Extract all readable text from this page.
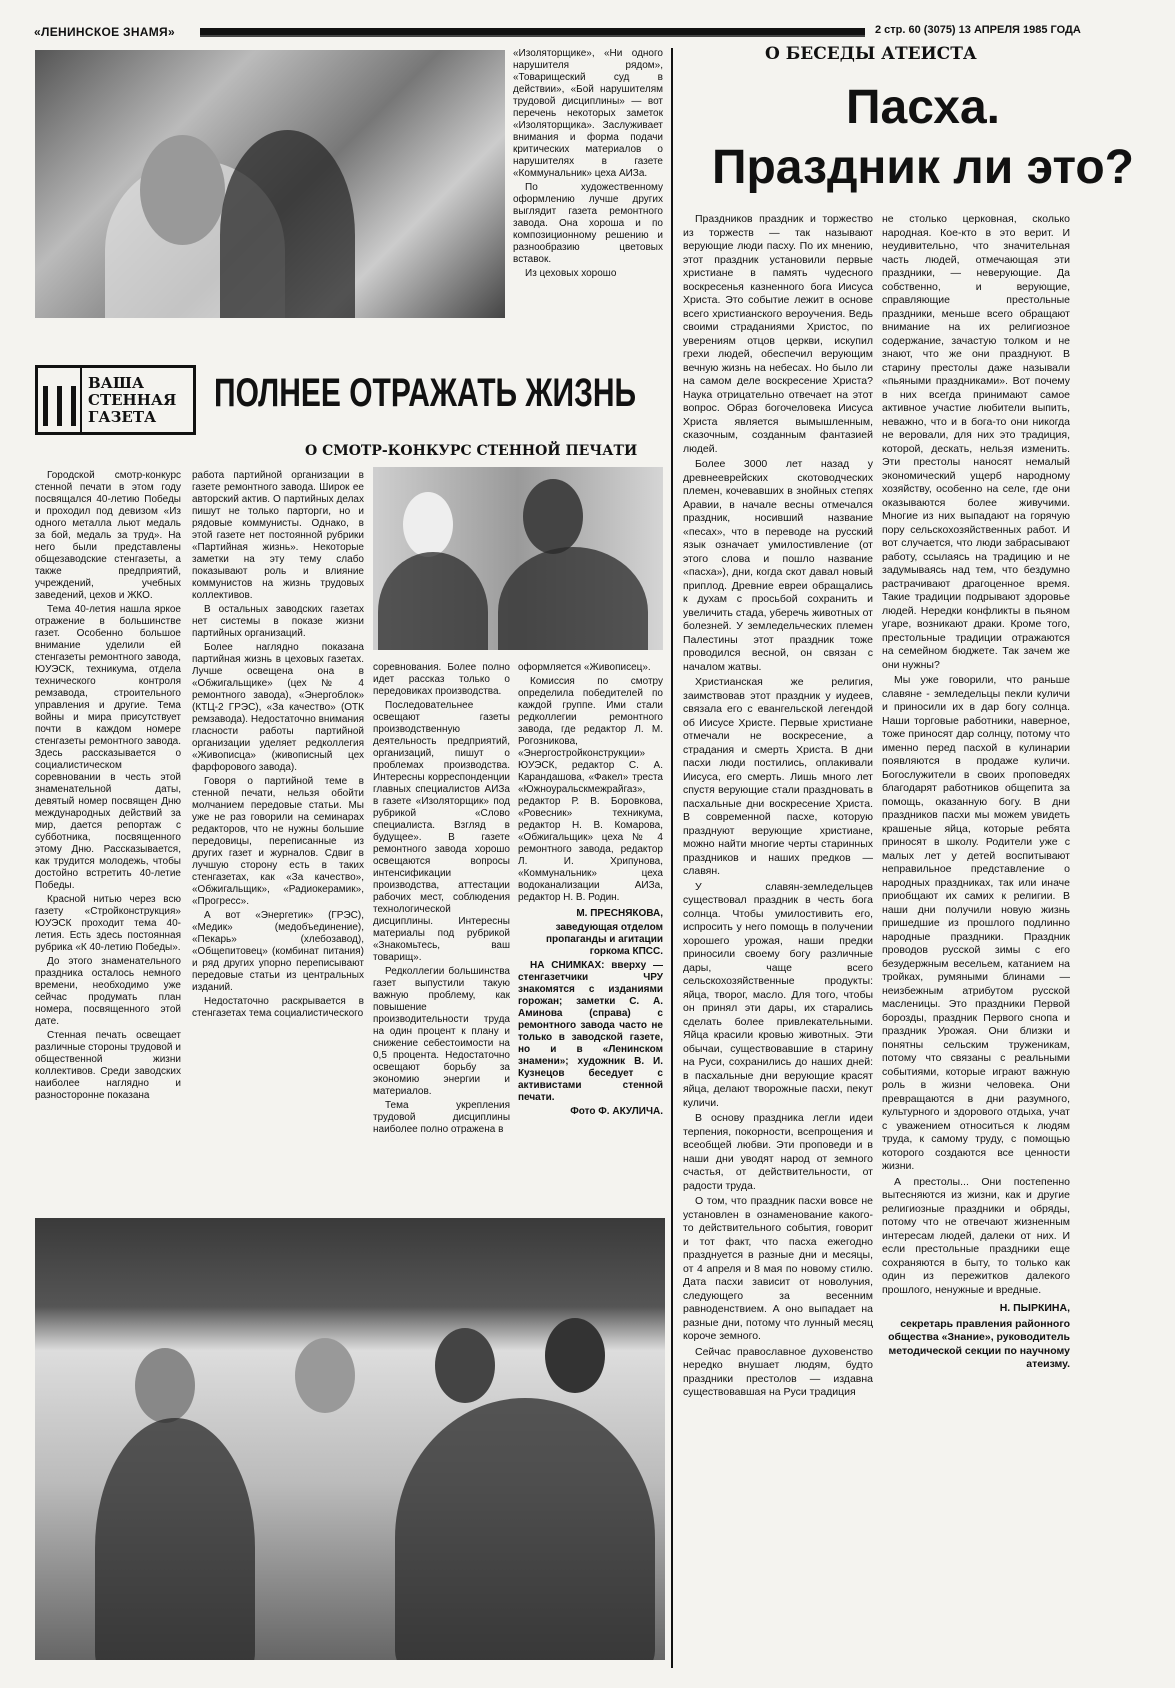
«ЛЕНИНСКОЕ ЗНАМЯ»	2 стр. 60 (3075) 13 АПРЕЛЯ 1985 ГОДА

«Изоляторщике», «Ни одного нарушителя рядом», «Товарищеский суд в действии», «Бой нарушителям трудовой дисциплины» — вот перечень некоторых заметок «Изоляторщика». Заслуживает внимания и форма подачи критических материалов о нарушителях в газете «Коммунальник» цеха АИЗа.

По художественному оформлению лучше других выглядит газета ремонтного завода. Она хороша и по композиционному решению и разнообразию цветовых вставок.

Из цеховых хорошо

ВАША
СТЕННАЯ
ГАЗЕТА
ПОЛНЕЕ ОТРАЖАТЬ ЖИЗНЬ
О СМОТР-КОНКУРС СТЕННОЙ ПЕЧАТИ

Городской смотр-конкурс стенной печати в этом году посвящался 40-летию Победы и проходил под девизом «Из одного металла льют медаль за бой, медаль за труд». На него были представлены общезаводские стенгазеты, а также предприятий, учреждений, учебных заведений, цехов и ЖКО.

Тема 40-летия нашла яркое отражение в большинстве газет. Особенно большое внимание уделили ей стенгазеты ремонтного завода, ЮУЭСК, техникума, отдела технического контроля ремзавода, строительного управления и другие. Тема войны и мира присутствует почти в каждом номере стенгазеты ремонтного завода. Здесь рассказывается о социалистическом соревновании в честь этой знаменательной даты, девятый номер посвящен Дню международных действий за мир, дается репортаж с субботника, посвященного этому Дню. Рассказывается, как трудится молодежь, чтобы достойно встретить 40-летие Победы.

Красной нитью через всю газету «Стройконструкция» ЮУЭСК проходит тема 40-летия. Есть здесь постоянная рубрика «К 40-летию Победы».

До этого знаменательного праздника осталось немного времени, необходимо уже сейчас продумать план номера, посвященного этой дате.

Стенная печать освещает различные стороны трудовой и общественной жизни коллективов. Среди заводских наиболее наглядно и разносторонне показана

работа партийной организации в газете ремонтного завода. Широк ее авторский актив. О партийных делах пишут не только парторги, но и рядовые коммунисты. Однако, в этой газете нет постоянной рубрики «Партийная жизнь». Некоторые заметки на эту тему слабо показывают роль и влияние коммунистов на жизнь трудовых коллективов.

В остальных заводских газетах нет системы в показе жизни партийных организаций.

Более наглядно показана партийная жизнь в цеховых газетах. Лучше освещена она в «Обжигальщике» (цех № 4 ремонтного завода), «Энергоблок» (КТЦ-2 ГРЭС), «За качество» (ОТК ремзавода). Недостаточно внимания гласности работы партийной организации уделяет редколлегия «Живописца» (живописный цех фарфорового завода).

Говоря о партийной теме в стенной печати, нельзя обойти молчанием передовые статьи. Мы уже не раз говорили на семинарах редакторов, что не нужны большие передовицы, переписанные из других газет и журналов. Сдвиг в лучшую сторону есть в таких стенгазетах, как «За качество», «Обжигальщик», «Радиокерамик», «Прогресс».

А вот «Энергетик» (ГРЭС), «Медик» (медобъединение), «Пекарь» (хлебозавод), «Общепитовец» (комбинат питания) и ряд других упорно переписывают передовые статьи из центральных изданий.

Недостаточно раскрывается в стенгазетах тема социалистического

соревнования. Более полно идет рассказ только о передовиках производства.

Последовательнее освещают газеты производственную деятельность предприятий, организаций, пишут о проблемах производства. Интересны корреспонденции главных специалистов АИЗа в газете «Изоляторщик» под рубрикой «Слово специалиста. Взгляд в будущее». В газете ремонтного завода хорошо освещаются вопросы интенсификации производства, аттестации рабочих мест, соблюдения технологической дисциплины. Интересны материалы под рубрикой «Знакомьтесь, ваш товарищ».

Редколлегии большинства газет выпустили такую важную проблему, как повышение производительности труда на один процент к плану и снижение себестоимости на 0,5 процента. Недостаточно освещают борьбу за экономию энергии и материалов.

Тема укрепления трудовой дисциплины наиболее полно отражена в

оформляется «Живописец».

Комиссия по смотру определила победителей по каждой группе. Ими стали редколлегии ремонтного завода, где редактор Л. М. Рогозникова, «Энергостройконструкции» ЮУЭСК, редактор С. А. Карандашова, «Факел» треста «Южноуральскмежрайгаз», редактор Р. В. Боровкова, «Ровесник» техникума, редактор Н. В. Комарова, «Обжигальщик» цеха № 4 ремонтного завода, редактор Л. И. Хрипунова, «Коммунальник» цеха водоканализации АИЗа, редактор Н. В. Родин.

М. ПРЕСНЯКОВА,

заведующая отделом пропаганды и агитации горкома КПСС.

НА СНИМКАХ: вверху — стенгазетчики ЧРУ знакомятся с изданиями горожан; заметки С. А. Аминова (справа) с ремонтного завода часто не только в заводской газете, но и в «Ленинском знамени»; художник В. И. Кузнецов беседует с активистами стенной печати.

Фото Ф. АКУЛИЧА.

О БЕСЕДЫ АТЕИСТА
Пасха.
Праздник ли это?

Праздников праздник и торжество из торжеств — так называют верующие люди пасху. По их мнению, этот праздник установили первые христиане в память чудесного воскресенья казненного бога Иисуса Христа. Это событие лежит в основе всего христианского вероучения. Ведь своими страданиями Христос, по уверениям отцов церкви, искупил грехи людей, обеспечил верующим вечную жизнь на небесах. Но было ли на самом деле воскресение Христа? Наука отрицательно отвечает на этот вопрос. Образ богочеловека Иисуса Христа является вымышленным, сказочным, созданным фантазией людей.

Более 3000 лет назад у древнееврейских скотоводческих племен, кочевавших в знойных степях Аравии, в начале весны отмечался праздник, носивший название «песах», что в переводе на русский язык означает умилостивление (от этого слова и пошло название «пасха»), дни, когда скот давал новый приплод. Древние евреи обращались к духам с просьбой сохранить и увеличить стада, уберечь животных от болезней. У земледельческих племен Палестины этот праздник тоже проводился весной, он связан с началом жатвы.

Христианская же религия, заимствовав этот праздник у иудеев, связала его с евангельской легендой об Иисусе Христе. Первые христиане отмечали не воскресение, а страдания и смерть Христа. В дни пасхи люди постились, оплакивали Иисуса, его смерть. Лишь много лет спустя верующие стали праздновать в пасхальные дни воскресение Христа. В современной пасхе, которую празднуют верующие христиане, можно найти многие черты старинных праздников и наших предков — славян.

У славян-земледельцев существовал праздник в честь бога солнца. Чтобы умилостивить его, испросить у него помощь в получении хорошего урожая, наши предки приносили своему богу различные дары, чаще всего сельскохозяйственные продукты: яйца, творог, масло. Для того, чтобы он принял эти дары, их старались сделать более привлекательными. Яйца красили кровью животных. Эти обычаи, существовавшие в старину на Руси, сохранились до наших дней: в пасхальные дни верующие красят яйца, делают творожные пасхи, пекут куличи.

В основу праздника легли идеи терпения, покорности, всепрощения и всеобщей любви. Эти проповеди и в наши дни уводят народ от земного счастья, от действительности, от радости труда.

О том, что праздник пасхи вовсе не установлен в ознаменование какого-то действительного события, говорит и тот факт, что пасха ежегодно празднуется в разные дни и месяцы, от 4 апреля и 8 мая по новому стилю. Дата пасхи зависит от новолуния, следующего за весенним равноденствием. А оно выпадает на разные дни, потому что лунный месяц короче земного.

Сейчас православное духовенство нередко внушает людям, будто праздники престолов — издавна существовавшая на Руси традиция

не столько церковная, сколько народная. Кое-кто в это верит. И неудивительно, что значительная часть людей, отмечающая эти праздники, — неверующие. Да собственно, и верующие, справляющие престольные праздники, меньше всего обращают внимание на их религиозное содержание, зачастую толком и не знают, что же они празднуют. В старину престолы даже называли «пьяными праздниками». Вот почему в них всегда принимают самое активное участие любители выпить, неважно, что и в бога-то они никогда не веровали, для них это традиция, которой, дескать, нельзя изменить. Эти престолы наносят немалый экономический ущерб народному хозяйству, особенно на селе, где они оказываются более живучими. Многие из них выпадают на горячую пору сельскохозяйственных работ. И вот случается, что люди забрасывают работу, ссылаясь на традицию и не задумываясь над тем, что бездумно растрачивают драгоценное время. Такие традиции подрывают здоровье людей. Нередки конфликты в пьяном угаре, возникают драки. Кроме того, престольные традиции отражаются на семейном бюджете. Так зачем же они нужны?

Мы уже говорили, что раньше славяне - земледельцы пекли куличи и приносили их в дар богу солнца. Наши торговые работники, наверное, тоже приносят дар солнцу, потому что именно перед пасхой в кулинарии появляются в продаже куличи. Богослужители в своих проповедях благодарят работников общепита за помощь, оказанную богу. В дни праздников пасхи мы можем увидеть крашеные яйца, которые ребята приносят в школу. Родители уже с малых лет у детей воспитывают неправильное представление о народных праздниках, так или иначе приобщают их самих к религии. В наши дни получили новую жизнь пришедшие из прошлого подлинно народные праздники. Праздник проводов русской зимы с его безудержным весельем, катанием на тройках, румяными блинами — неизбежным атрибутом русской масленицы. Это праздники Первой борозды, праздник Первого снопа и праздник Урожая. Они близки и понятны сельским труженикам, потому что связаны с реальными событиями, которые играют важную роль в жизни человека. Они превращаются в дни разумного, культурного и здорового отдыха, учат с уважением относиться к людям труда, к самому труду, с помощью которого создаются все ценности жизни.

А престолы... Они постепенно вытесняются из жизни, как и другие религиозные праздники и обряды, потому что не отвечают жизненным интересам людей, далеки от них. И если престольные праздники еще сохраняются в быту, то только как один из пережитков далекого прошлого, ненужные и вредные.

Н. ПЫРКИНА,

секретарь правления районного общества «Знание», руководитель методической секции по научному атеизму.
